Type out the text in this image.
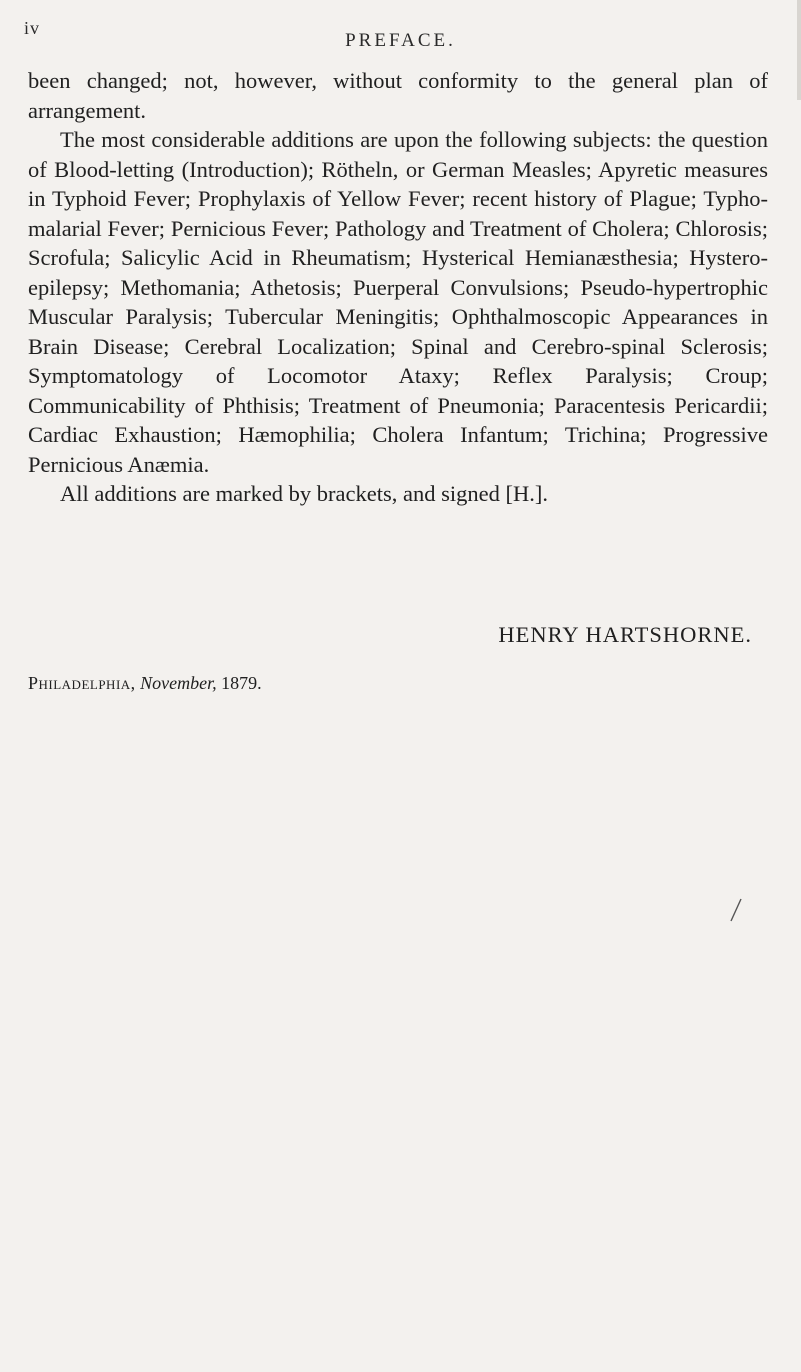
iv
PREFACE.

been changed; not, however, without conformity to the general plan of arrangement.

The most considerable additions are upon the following subjects: the question of Blood-letting (Introduction); Rötheln, or German Measles; Apyretic measures in Typhoid Fever; Prophylaxis of Yellow Fever; recent history of Plague; Typho-malarial Fever; Pernicious Fever; Pathology and Treatment of Cholera; Chlorosis; Scrofula; Salicylic Acid in Rheumatism; Hysterical Hemianæsthesia; Hystero-epilepsy; Methomania; Athetosis; Puerperal Convulsions; Pseudo-hypertrophic Muscular Paralysis; Tubercular Meningitis; Ophthalmoscopic Appearances in Brain Disease; Cerebral Localization; Spinal and Cerebro-spinal Sclerosis; Symptomatology of Locomotor Ataxy; Reflex Paralysis; Croup; Communicability of Phthisis; Treatment of Pneumonia; Paracentesis Pericardii; Cardiac Exhaustion; Hæmophilia; Cholera Infantum; Trichina; Progressive Pernicious Anæmia.

All additions are marked by brackets, and signed [H.].

HENRY HARTSHORNE.
Philadelphia, November, 1879.
